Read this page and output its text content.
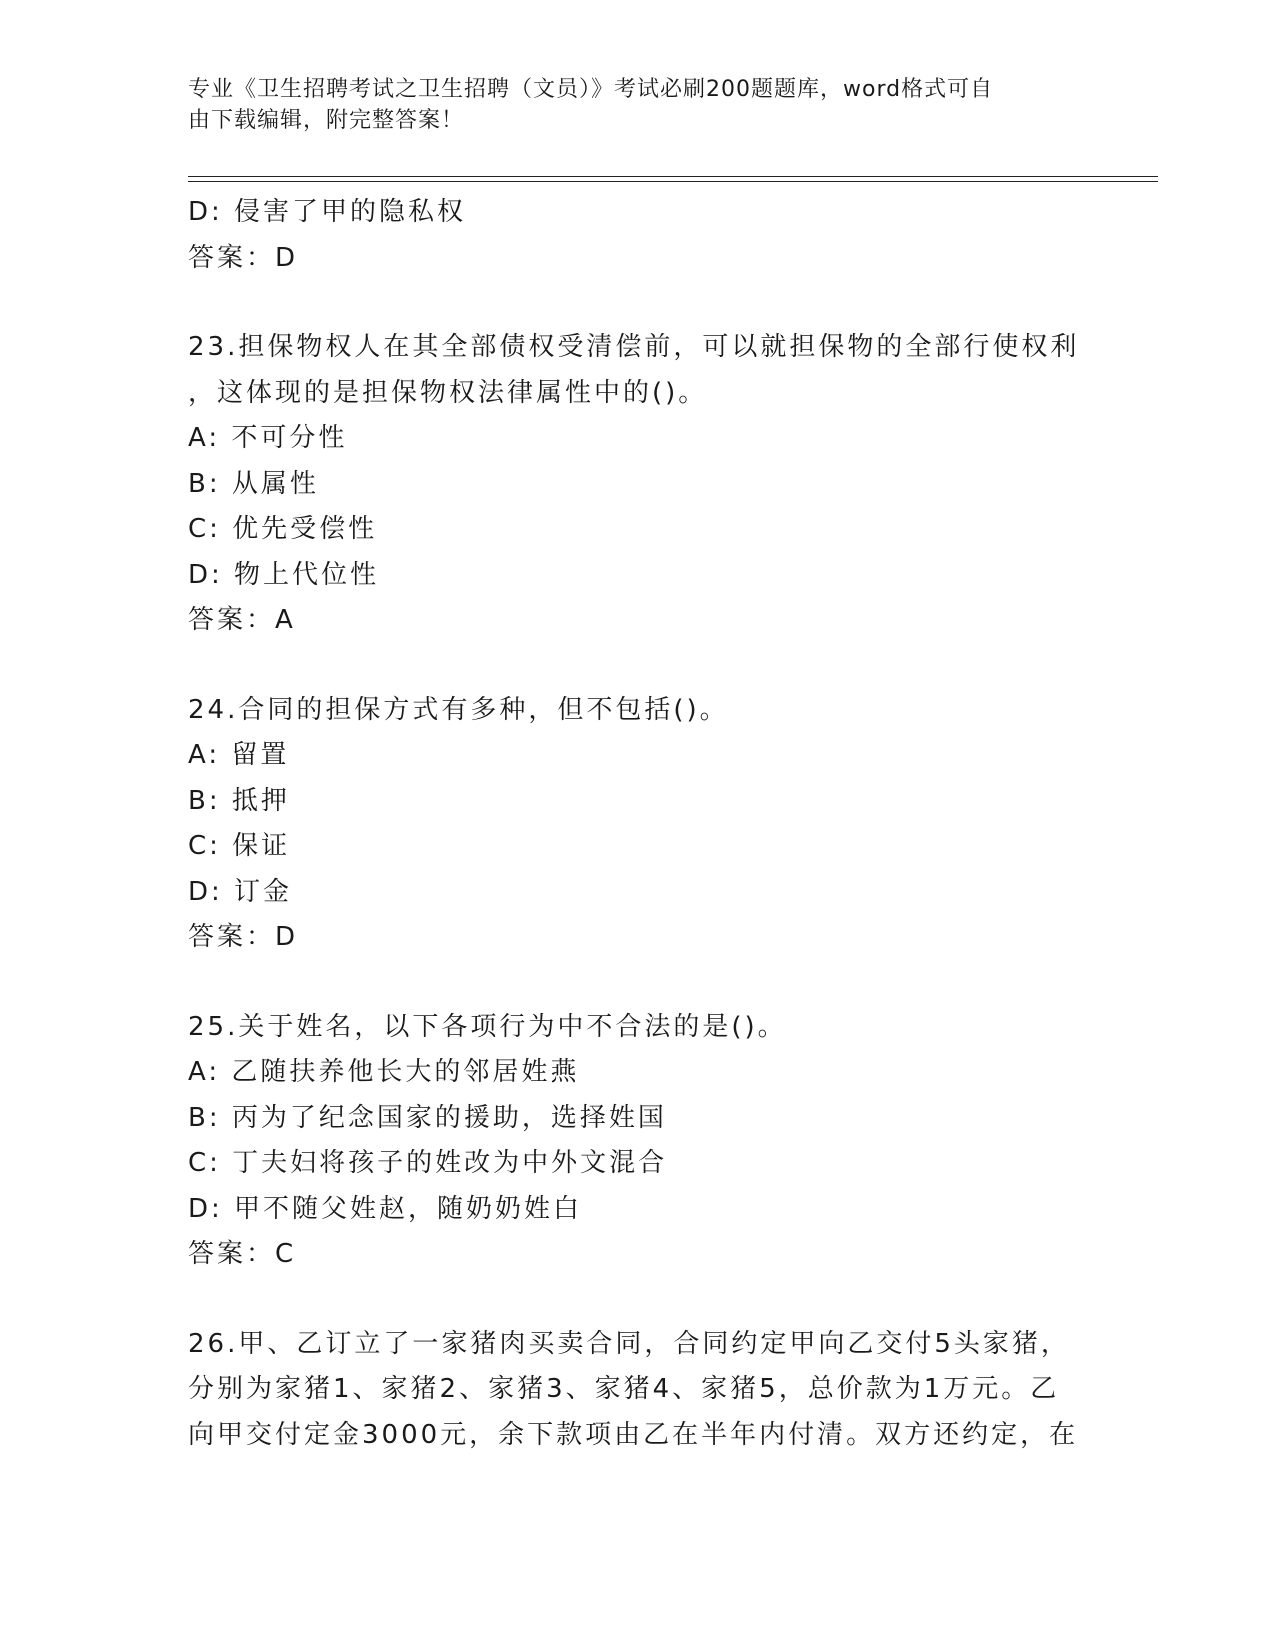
专业《卫生招聘考试之卫生招聘（文员）》考试必刷200题题库，word格式可自
由下载编辑，附完整答案！
D: 侵害了甲的隐私权
答案：D
23.担保物权人在其全部债权受清偿前，可以就担保物的全部行使权利
，这体现的是担保物权法律属性中的()。
A: 不可分性
B: 从属性
C: 优先受偿性
D: 物上代位性
答案：A
24.合同的担保方式有多种，但不包括()。
A: 留置
B: 抵押
C: 保证
D: 订金
答案：D
25.关于姓名，以下各项行为中不合法的是()。
A: 乙随扶养他长大的邻居姓燕
B: 丙为了纪念国家的援助，选择姓国
C: 丁夫妇将孩子的姓改为中外文混合
D: 甲不随父姓赵，随奶奶姓白
答案：C
26.甲、乙订立了一家猪肉买卖合同，合同约定甲向乙交付5头家猪，
分别为家猪1、家猪2、家猪3、家猪4、家猪5，总价款为1万元。乙
向甲交付定金3000元，余下款项由乙在半年内付清。双方还约定，在
